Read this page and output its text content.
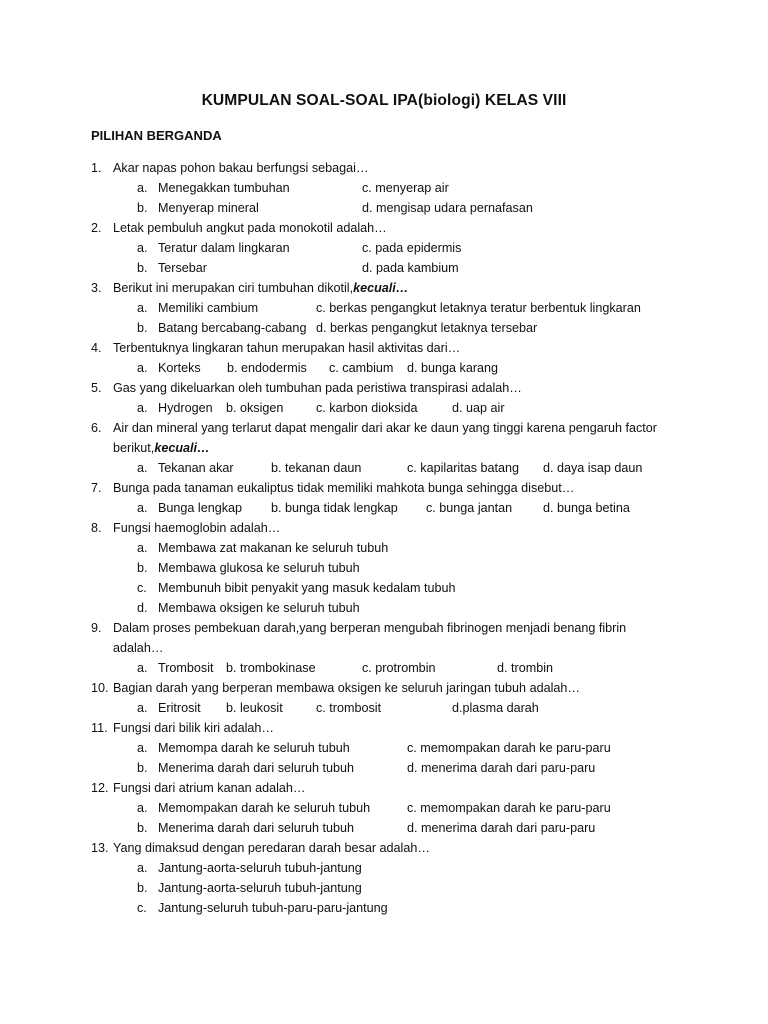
KUMPULAN SOAL-SOAL IPA(biologi) KELAS VIII
PILIHAN BERGANDA
1. Akar napas pohon bakau berfungsi sebagai…
a. Menegakkan tumbuhan	c. menyerap air
b. Menyerap mineral	d. mengisap udara pernafasan
2. Letak pembuluh angkut pada monokotil adalah…
a. Teratur dalam lingkaran	c. pada epidermis
b. Tersebar	d. pada kambium
3. Berikut ini merupakan ciri tumbuhan dikotil,kecuali…
a. Memiliki cambium	c. berkas pengangkut letaknya teratur berbentuk lingkaran
b. Batang bercabang-cabang d. berkas pengangkut letaknya tersebar
4. Terbentuknya lingkaran tahun merupakan hasil aktivitas dari…
a. Korteks b. endodermis c. cambium d. bunga karang
5. Gas yang dikeluarkan oleh tumbuhan pada peristiwa transpirasi adalah…
a. Hydrogen b. oksigen	c. karbon dioksida	d. uap air
6. Air dan mineral yang terlarut dapat mengalir dari akar ke daun yang tinggi karena pengaruh factor
berikut,kecuali…
a. Tekanan akar	b. tekanan daun	c. kapilaritas batang d. daya isap daun
7. Bunga pada tanaman eukaliptus tidak memiliki mahkota bunga sehingga disebut…
a. Bunga lengkap b. bunga tidak lengkap c. bunga jantan d. bunga betina
8. Fungsi haemoglobin adalah…
a. Membawa zat makanan ke seluruh tubuh
b. Membawa glukosa ke seluruh tubuh
c. Membunuh bibit penyakit yang masuk kedalam tubuh
d. Membawa oksigen ke seluruh tubuh
9. Dalam proses pembekuan darah,yang berperan mengubah fibrinogen menjadi benang fibrin
adalah…
a. Trombosit b. trombokinase	c. protrombin	d. trombin
10. Bagian darah yang berperan membawa oksigen ke seluruh jaringan tubuh adalah…
a. Eritrosit b. leukosit	c. trombosit	d.plasma darah
11. Fungsi dari bilik kiri adalah…
a. Memompa darah ke seluruh tubuh	c. memompakan darah ke paru-paru
b. Menerima darah dari seluruh tubuh	d. menerima darah dari paru-paru
12. Fungsi dari atrium kanan adalah…
a. Memompakan darah ke seluruh tubuh	c. memompakan darah ke paru-paru
b. Menerima darah dari seluruh tubuh	d. menerima darah dari paru-paru
13. Yang dimaksud dengan peredaran darah besar adalah…
a. Jantung-aorta-seluruh tubuh-jantung
b. Jantung-aorta-seluruh tubuh-jantung
c. Jantung-seluruh tubuh-paru-paru-jantung
